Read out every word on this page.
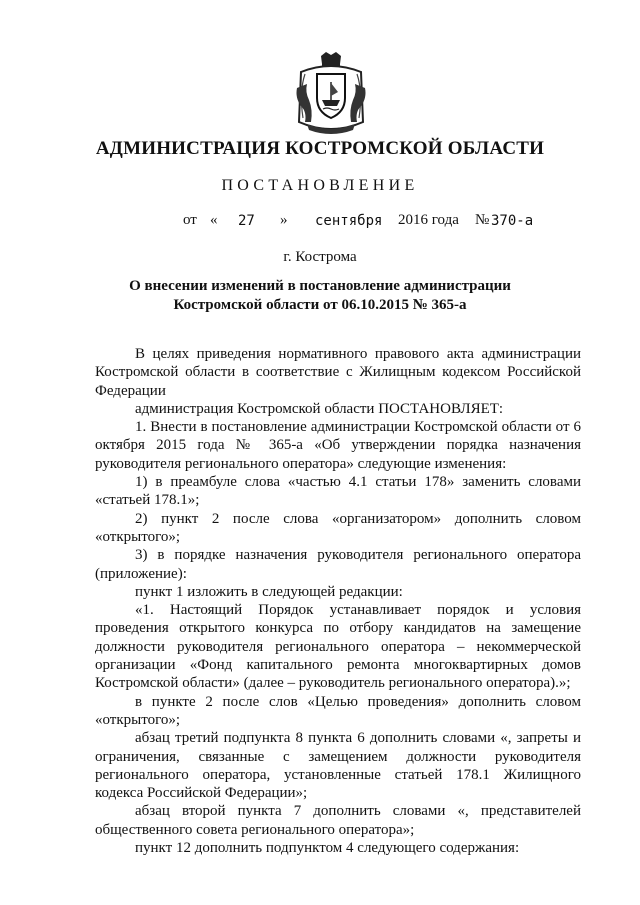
АДМИНИСТРАЦИЯ КОСТРОМСКОЙ ОБЛАСТИ
ПОСТАНОВЛЕНИЕ
от « 27 » сентября 2016 года № 370-а
г. Кострома
О внесении изменений в постановление администрации
Костромской области от 06.10.2015 № 365-а

В целях приведения нормативного правового акта администрации Костромской области в соответствие с Жилищным кодексом Российской Федерации

администрация Костромской области ПОСТАНОВЛЯЕТ:

1. Внести в постановление администрации Костромской области от 6 октября 2015 года № 365-а «Об утверждении порядка назначения руководителя регионального оператора» следующие изменения:

1) в преамбуле слова «частью 4.1 статьи 178» заменить словами «статьей 178.1»;

2) пункт 2 после слова «организатором» дополнить словом «открытого»;

3) в порядке назначения руководителя регионального оператора (приложение):

пункт 1 изложить в следующей редакции:

«1. Настоящий Порядок устанавливает порядок и условия проведения открытого конкурса по отбору кандидатов на замещение должности руководителя регионального оператора – некоммерческой организации «Фонд капитального ремонта многоквартирных домов Костромской области» (далее – руководитель регионального оператора).»;

в пункте 2 после слов «Целью проведения» дополнить словом «открытого»;

абзац третий подпункта 8 пункта 6 дополнить словами «, запреты и ограничения, связанные с замещением должности руководителя регионального оператора, установленные статьей 178.1 Жилищного кодекса Российской Федерации»;

абзац второй пункта 7 дополнить словами «, представителей общественного совета регионального оператора»;

пункт 12 дополнить подпунктом 4 следующего содержания:
